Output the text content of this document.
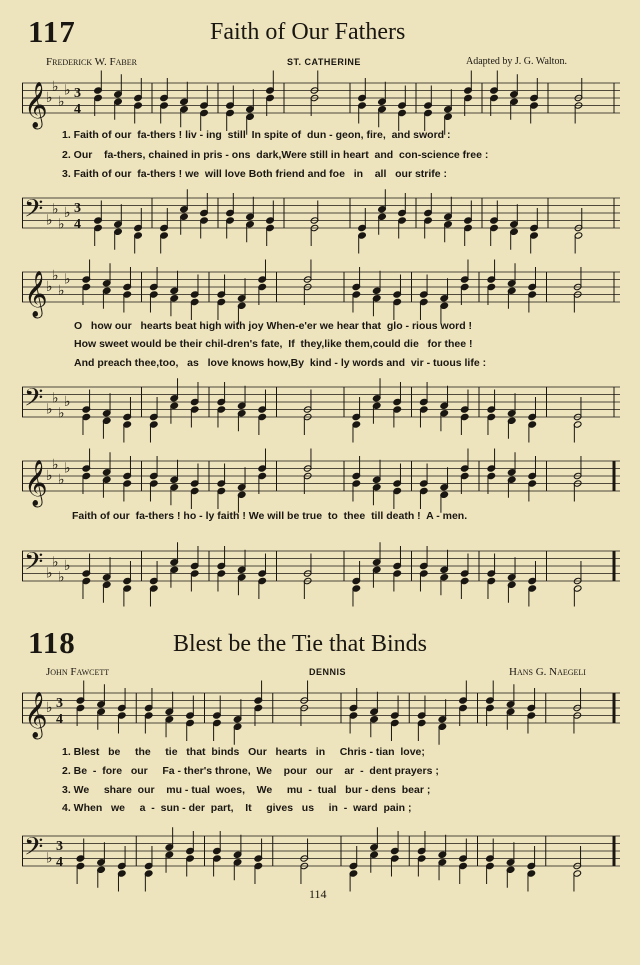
117	Faith of Our Fathers
Frederick W. Faber	ST. CATHERINE	Adapted by J. G. Walton.
𝄞
♭
♭
♭
♭ 3
4
1. Faith of our  fa-thers ! liv - ing  still  In spite of  dun - geon, fire,  and sword :
2. Our    fa-thers, chained in pris - ons  dark,Were still in heart  and  con-science free :
3. Faith of our  fa-thers ! we  will love Both friend and foe   in    all   our strife :
𝄢 ♭
♭
♭
♭ 3
4
𝄞
♭
♭
♭
♭
O   how our   hearts beat high with joy When-e'er we hear that  glo - rious word !
How sweet would be their chil-dren's fate,  If  they,like them,could die   for thee !
And preach thee,too,   as   love knows how,By  kind - ly words and  vir - tuous life :
𝄢 ♭
♭
♭
♭
𝄞
♭
♭
♭
♭
Faith of our  fa-thers ! ho - ly faith ! We will be true  to  thee  till death !  A - men.
𝄢 ♭
♭
♭
♭
118	Blest be the Tie that Binds
John Fawcett	DENNIS	Hans G. Naegeli
𝄞
♭ 3
4
1. Blest   be     the     tie   that  binds   Our   hearts   in     Chris - tian  love;
2. Be  -  fore   our     Fa - ther's throne,  We    pour   our    ar  -  dent prayers ;
3. We     share  our    mu - tual  woes,    We     mu  -  tual   bur - dens  bear ;
4. When   we     a  -  sun - der  part,    It     gives   us     in  -  ward  pain ;
𝄢 ♭
3
4
114
